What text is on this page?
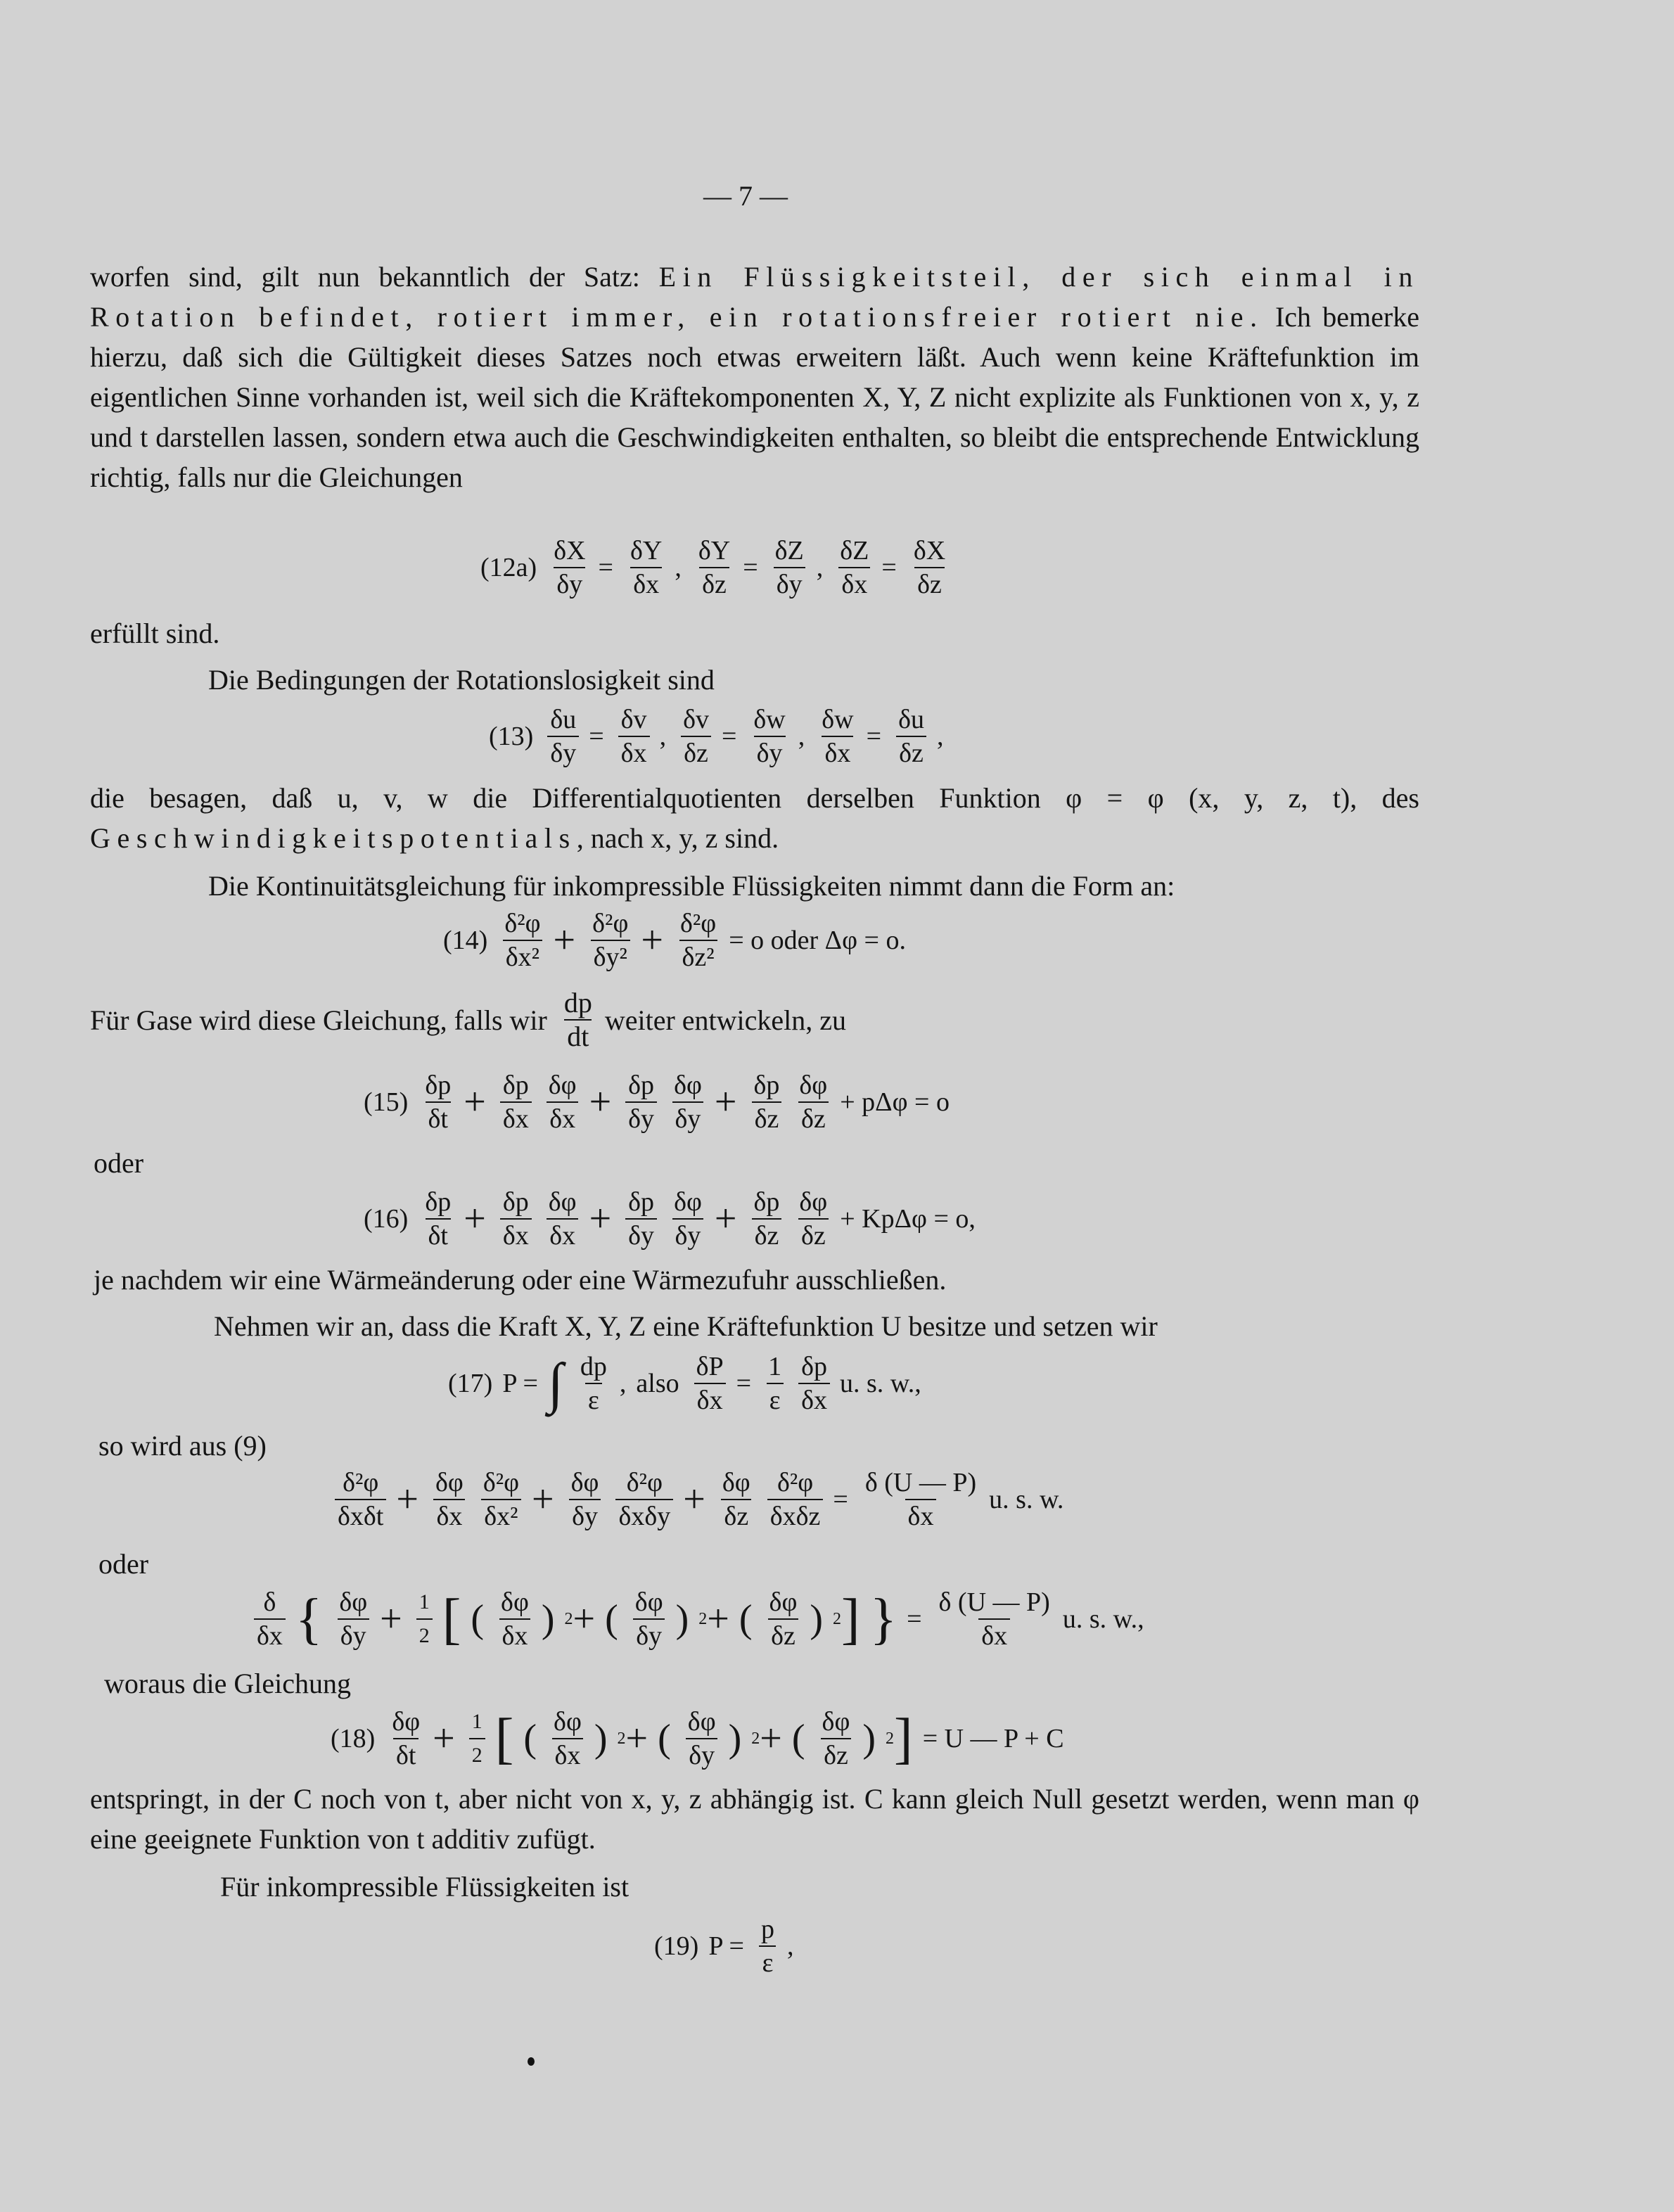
— 7 —
worfen sind, gilt nun bekanntlich der Satz: Ein Flüssigkeitsteil, der sich einmal in Rotation befindet, rotiert immer, ein rotationsfreier rotiert nie. Ich bemerke hierzu, daß sich die Gültigkeit dieses Satzes noch etwas erweitern läßt. Auch wenn keine Kräftefunktion im eigentlichen Sinne vorhanden ist, weil sich die Kräftekomponenten X, Y, Z nicht explizite als Funktionen von x, y, z und t darstellen lassen, sondern etwa auch die Geschwindigkeiten enthalten, so bleibt die entsprechende Entwicklung richtig, falls nur die Gleichungen
$(12a) \frac{\delta X}{\delta y} = \frac{\delta Y}{\delta x}$ , $\frac{\delta Y}{\delta z} = \frac{\delta Z}{\delta y}$ , $\frac{\delta Z}{\delta x} = \frac{\delta X}{\delta z}$
erfüllt sind.
Die Bedingungen der Rotationslosigkeit sind
$(13) \frac{\delta u}{\delta y} = \frac{\delta v}{\delta x}$ , $\frac{\delta v}{\delta z} = \frac{\delta w}{\delta y}$ , $\frac{\delta w}{\delta x} = \frac{\delta u}{\delta z}$ ,
die besagen, daß u, v, w die Differentialquotienten derselben Funktion φ = φ (x, y, z, t), des Geschwindigkeitspotentials, nach x, y, z sind.
Die Kontinuitätsgleichung für inkompressible Flüssigkeiten nimmt dann die Form an:
$(14) \frac{\text{δ²φ}}{\text{δx²}} + \frac{\text{δ²φ}}{\text{δy²}} + \frac{\text{δ²φ}}{\text{δz²}} = o$ oder Δφ = o.
Für Gase wird diese Gleichung, falls wir $\frac{dp}{dt}$ weiter entwickeln, zu
$(15) \frac{\delta p}{\delta t} + \frac{\delta p}{\delta x} \frac{\delta\varphi}{\delta x} + \frac{\delta p}{\delta y} \frac{\delta\varphi}{\delta y} + \frac{\delta p}{\delta z} \frac{\delta\varphi}{\delta z} + p\Delta\varphi = o$
oder
$(16) \frac{\delta p}{\delta t} + \frac{\delta p}{\delta x} \frac{\delta\varphi}{\delta x} + \frac{\delta p}{\delta y} \frac{\delta\varphi}{\delta y} + \frac{\delta p}{\delta z} \frac{\delta\varphi}{\delta z} + Kp\Delta\varphi = o$,
je nachdem wir eine Wärmeänderung oder eine Wärmezufuhr ausschließen.
Nehmen wir an, dass die Kraft X, Y, Z eine Kräftefunktion U besitze und setzen wir
(17) P = ∫ $\frac{dp}{\varepsilon}$ , also $\frac{\delta P}{\delta x} = \frac{1}{\varepsilon} \frac{\delta p}{\delta x} u$. s. w.,
so wird aus (9)
$\frac{\text{δ²φ}}{\text{δxδt}} + \frac{\delta\varphi}{\delta x} \frac{\text{δ²φ}}{\text{δx²}} + \frac{\delta\varphi}{\delta y} \frac{\text{δ²φ}}{\text{δxδy}} + \frac{\delta\varphi}{\delta z} \frac{\text{δ²φ}}{\text{δxδz}} = \frac{\delta (U — P)}{\delta x} u$. s. w.
oder
$\frac{\delta}{\delta x}$ { $\frac{\delta\varphi}{\delta y} + \frac{1}{2}$ [ ( $\frac{\delta\varphi}{\delta x}$ ) 2 + ( $\frac{\delta\varphi}{\delta y}$ ) 2 + ( $\frac{\delta\varphi}{\delta z}$ ) 2 ] } = $\frac{\delta (U — P)}{\delta x} u$. s. w.,
woraus die Gleichung
$(18) \frac{\delta\varphi}{\delta t} + \frac{1}{2}$ [ ( $\frac{\delta\varphi}{\delta x}$ ) 2 + ( $\frac{\delta\varphi}{\delta y}$ ) 2 + ( $\frac{\delta\varphi}{\delta z}$ ) 2 ] = U — P + C
entspringt, in der C noch von t, aber nicht von x, y, z abhängig ist. C kann gleich Null gesetzt werden, wenn man φ eine geeignete Funktion von t additiv zufügt.
Für inkompressible Flüssigkeiten ist
(19) $P = \frac{p}{\varepsilon}$ ,
